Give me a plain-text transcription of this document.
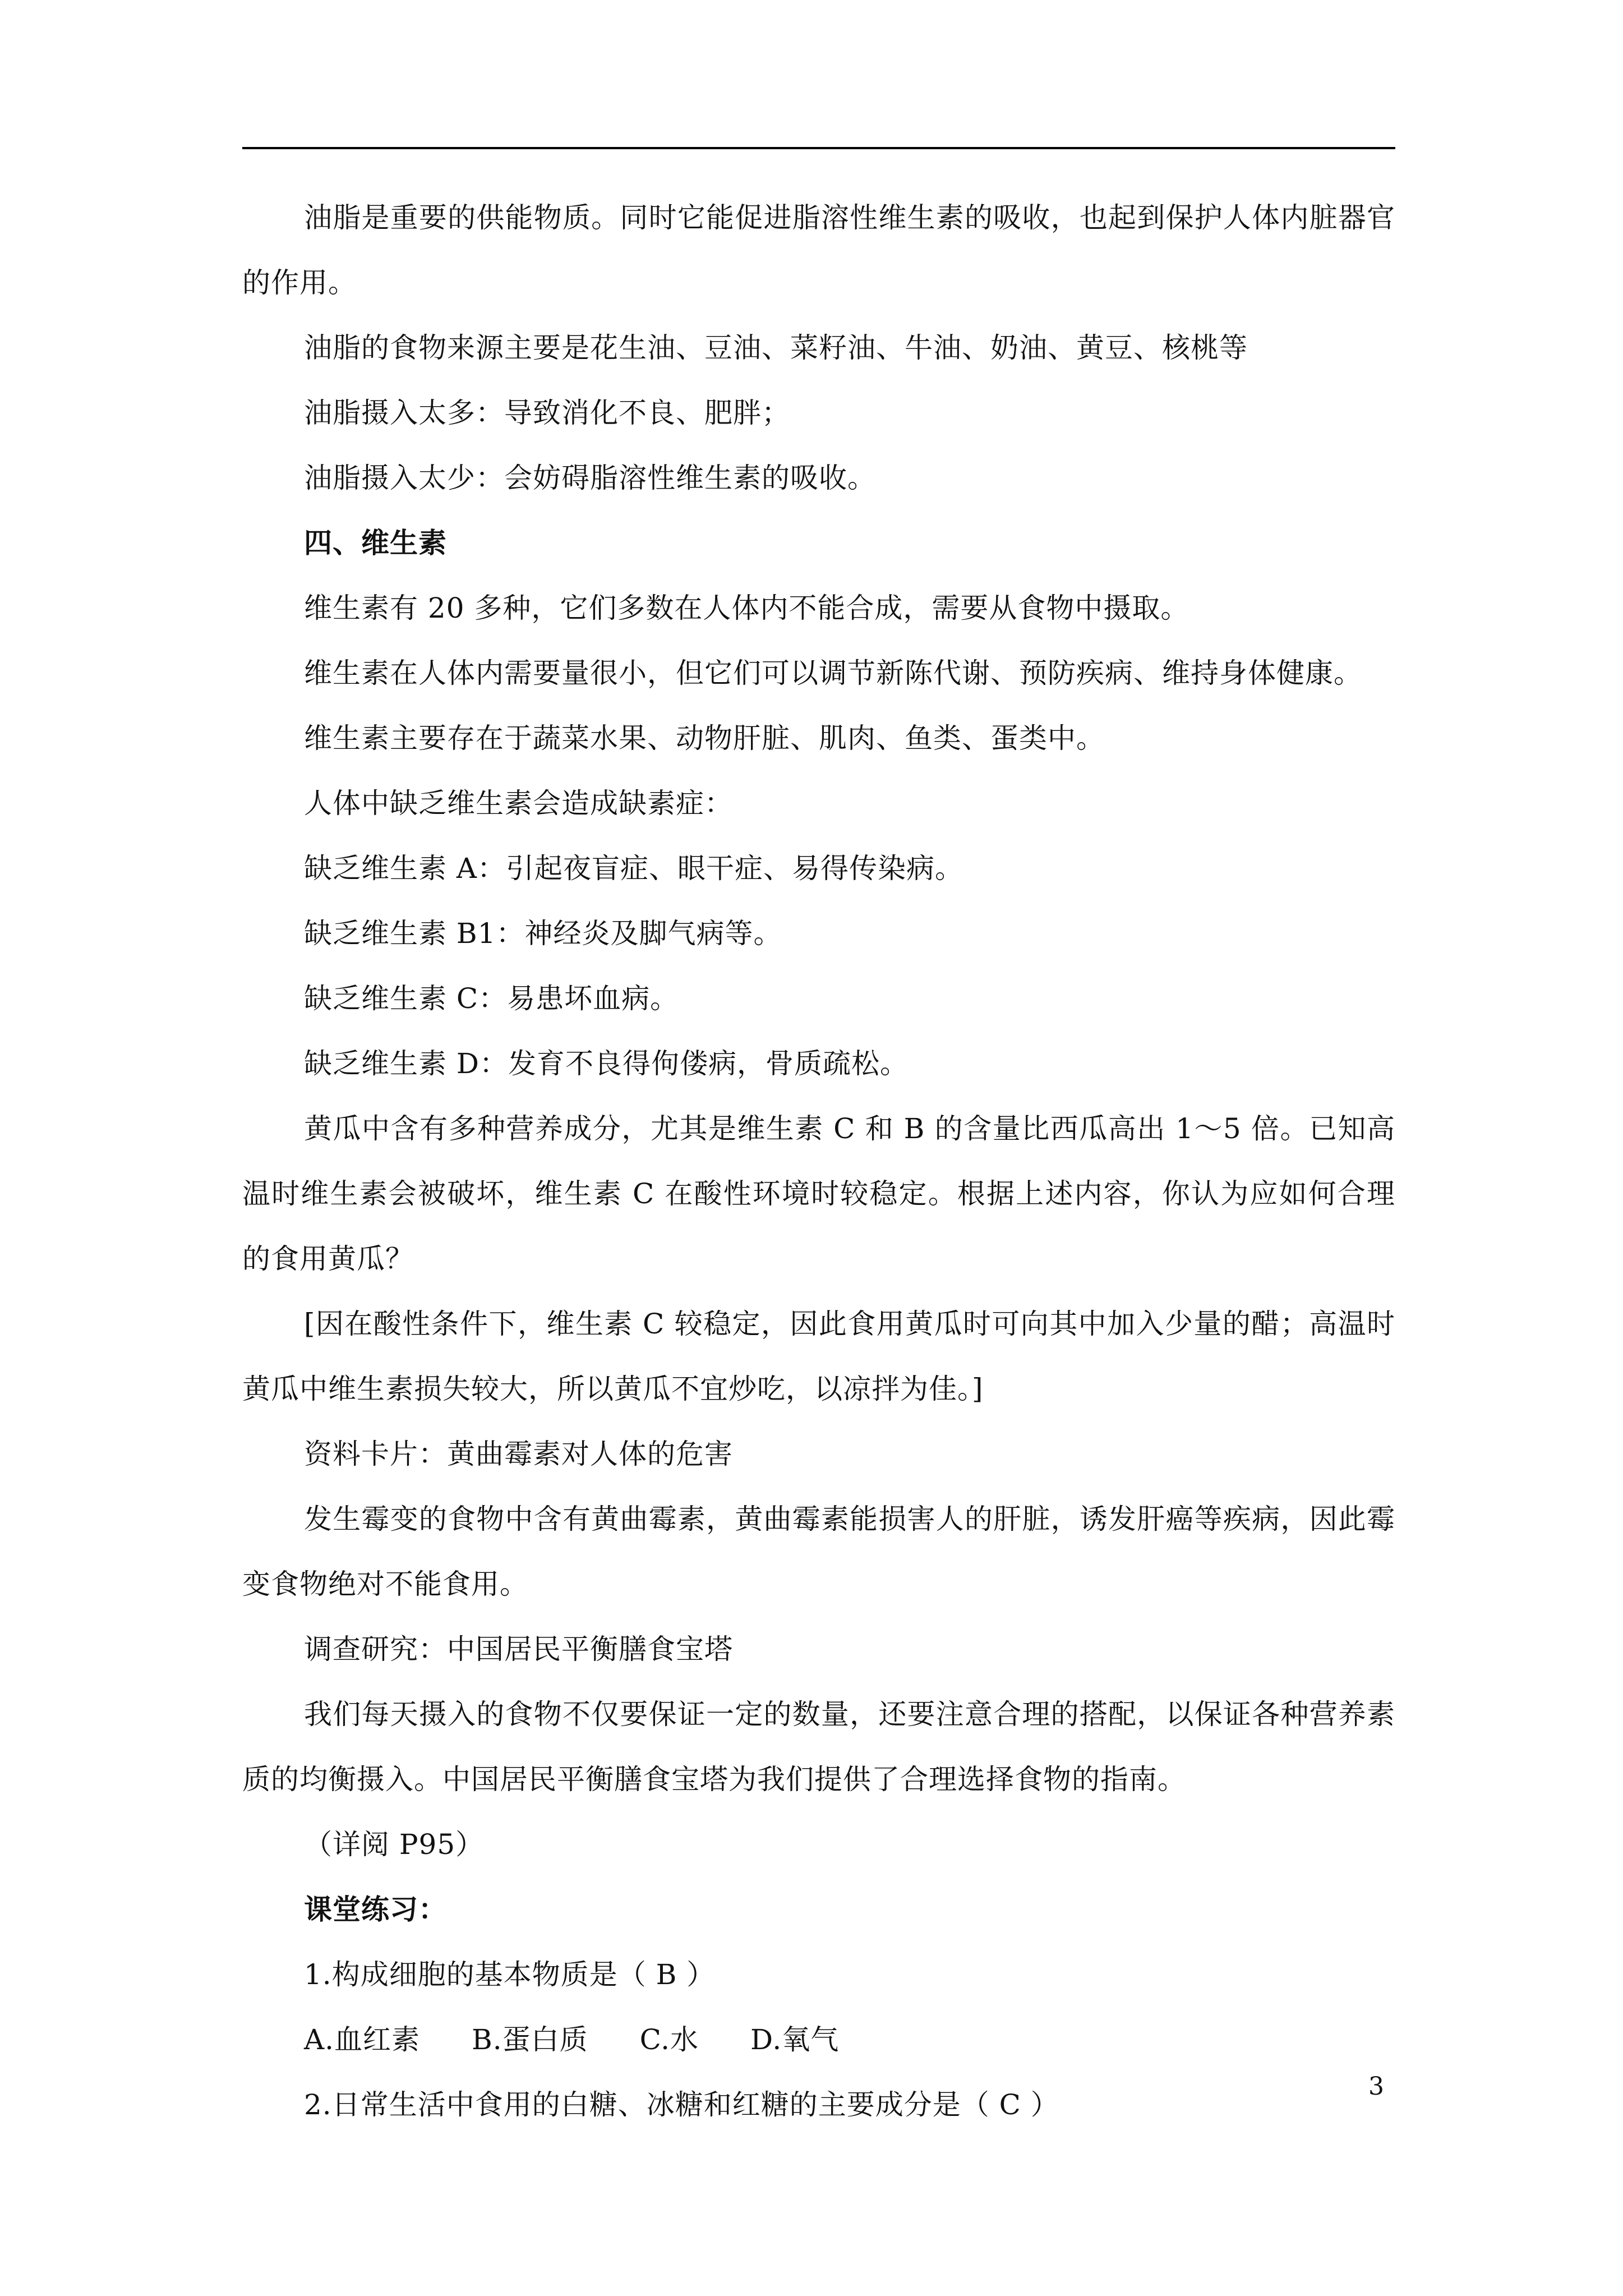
油脂是重要的供能物质。同时它能促进脂溶性维生素的吸收，也起到保护人体内脏器官的作用。

油脂的食物来源主要是花生油、豆油、菜籽油、牛油、奶油、黄豆、核桃等

油脂摄入太多：导致消化不良、肥胖；

油脂摄入太少：会妨碍脂溶性维生素的吸收。

四、维生素

维生素有 20 多种，它们多数在人体内不能合成，需要从食物中摄取。

维生素在人体内需要量很小，但它们可以调节新陈代谢、预防疾病、维持身体健康。

维生素主要存在于蔬菜水果、动物肝脏、肌肉、鱼类、蛋类中。

人体中缺乏维生素会造成缺素症：

缺乏维生素 A：引起夜盲症、眼干症、易得传染病。

缺乏维生素 B1：神经炎及脚气病等。

缺乏维生素 C：易患坏血病。

缺乏维生素 D：发育不良得佝偻病，骨质疏松。

黄瓜中含有多种营养成分，尤其是维生素 C 和 B 的含量比西瓜高出 1～5 倍。已知高温时维生素会被破坏，维生素 C 在酸性环境时较稳定。根据上述内容，你认为应如何合理的食用黄瓜？

[因在酸性条件下，维生素 C 较稳定，因此食用黄瓜时可向其中加入少量的醋；高温时黄瓜中维生素损失较大，所以黄瓜不宜炒吃，以凉拌为佳。]

资料卡片：黄曲霉素对人体的危害

发生霉变的食物中含有黄曲霉素，黄曲霉素能损害人的肝脏，诱发肝癌等疾病，因此霉变食物绝对不能食用。

调查研究：中国居民平衡膳食宝塔

我们每天摄入的食物不仅要保证一定的数量，还要注意合理的搭配，以保证各种营养素质的均衡摄入。中国居民平衡膳食宝塔为我们提供了合理选择食物的指南。

（详阅 P95）

课堂练习：

1.构成细胞的基本物质是（ B ）

A.血红素 B.蛋白质 C.水 D.氧气

2.日常生活中食用的白糖、冰糖和红糖的主要成分是（ C ）

3
